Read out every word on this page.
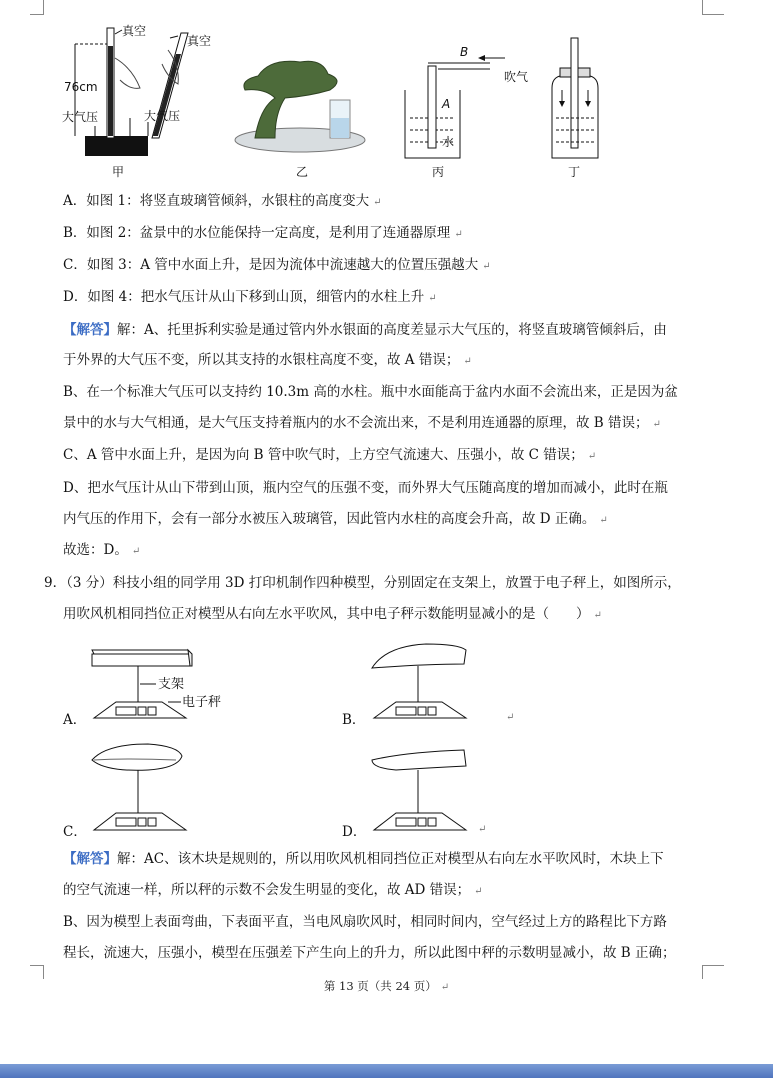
真空
真空
76cm
大气压	大气压
甲	乙
B
A
吹气
水
丙	丁
A．如图 1：将竖直玻璃管倾斜，水银柱的高度变大 ↵
B．如图 2：盆景中的水位能保持一定高度，是利用了连通器原理 ↵
C．如图 3：A 管中水面上升，是因为流体中流速越大的位置压强越大 ↵
D．如图 4：把水气压计从山下移到山顶，细管内的水柱上升 ↵
【解答】解：A、托里拆利实验是通过管内外水银面的高度差显示大气压的，将竖直玻璃管倾斜后，由
于外界的大气压不变，所以其支持的水银柱高度不变，故 A 错误； ↵
B、在一个标准大气压可以支持约 10.3m 高的水柱。瓶中水面能高于盆内水面不会流出来，正是因为盆
景中的水与大气相通，是大气压支持着瓶内的水不会流出来，不是利用连通器的原理，故 B 错误； ↵
C、A 管中水面上升，是因为向 B 管中吹气时，上方空气流速大、压强小，故 C 错误； ↵
D、把水气压计从山下带到山顶，瓶内空气的压强不变，而外界大气压随高度的增加而减小，此时在瓶
内气压的作用下，会有一部分水被压入玻璃管，因此管内水柱的高度会升高，故 D 正确。 ↵
故选：D。 ↵
9．（3 分）科技小组的同学用 3D 打印机制作四种模型，分别固定在支架上，放置于电子秤上，如图所示，
用吹风机相同挡位正对模型从右向左水平吹风，其中电子秤示数能明显减小的是（　　） ↵
支架
电子秤
A．	B．	↵
C．	D．	↵
【解答】解：AC、该木块是规则的，所以用吹风机相同挡位正对模型从右向左水平吹风时，木块上下
的空气流速一样，所以秤的示数不会发生明显的变化，故 AD 错误； ↵
B、因为模型上表面弯曲，下表面平直，当电风扇吹风时，相同时间内，空气经过上方的路程比下方路
程长，流速大，压强小，模型在压强差下产生向上的升力，所以此图中秤的示数明显减小，故 B 正确；
第 13 页（共 24 页） ↵
